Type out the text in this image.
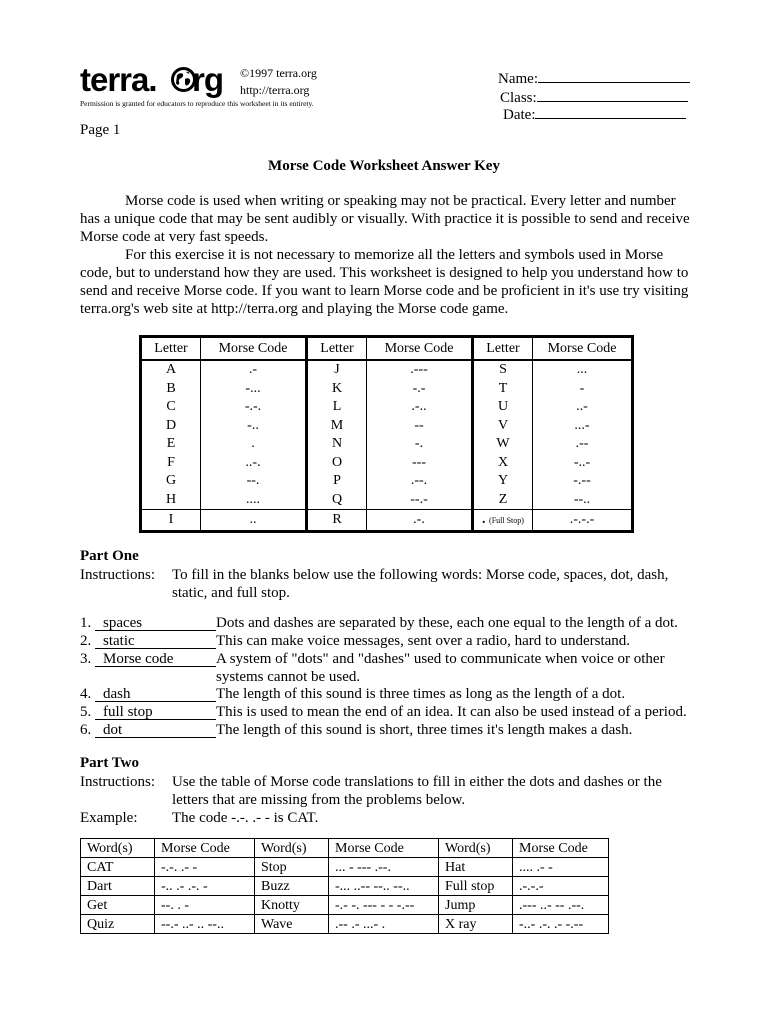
terra. rg ©1997 terra.org
http://terra.org
Permission is granted for educators to reproduce this worksheet in its entirety.
Name:
Class:
Date:
Page 1
Morse Code Worksheet Answer Key
Morse code is used when writing or speaking may not be practical. Every letter and number has a unique code that may be sent audibly or visually. With practice it is possible to send and receive Morse code at very fast speeds.
For this exercise it is not necessary to memorize all the letters and symbols used in Morse code, but to understand how they are used. This worksheet is designed to help you understand how to send and receive Morse code. If you want to learn Morse code and be proficient in it's use try visiting terra.org's web site at http://terra.org and playing the Morse code game.
Letter	Morse Code	Letter	Morse Code	Letter	Morse Code
A	.-	J	.---	S	...
B	-...	K	-.-	T	-
C	-.-.	L	.-..	U	..-
D	-..	M	--	V	...-
E	.	N	-.	W	.--
F	..-.	O	---	X	-..-
G	--.	P	.--.	Y	-.--
H	....	Q	--.-	Z	--..
I	..	R	.-.	. (Full Stop)	.-.-.-
Part One
Instructions: To fill in the blanks below use the following words: Morse code, spaces, dot, dash, static, and full stop.
1. spaces	Dots and dashes are separated by these, each one equal to the length of a dot.
2. static	This can make voice messages, sent over a radio, hard to understand.
3. Morse code	A system of "dots" and "dashes" used to communicate when voice or other systems cannot be used.
4. dash	The length of this sound is three times as long as the length of a dot.
5. full stop	This is used to mean the end of an idea. It can also be used instead of a period.
6. dot	The length of this sound is short, three times it's length makes a dash.
Part Two
Instructions: Use the table of Morse code translations to fill in either the dots and dashes or the letters that are missing from the problems below.
Example: The code -.-. .- - is CAT.
Word(s)	Morse Code	Word(s)	Morse Code	Word(s)	Morse Code
CAT	-.-. .- -	Stop	... - --- .--.	Hat	.... .- -
Dart	-.. .- .-. -	Buzz	-... ..-- --.. --..	Full stop	.-.-.-
Get	--. . -	Knotty	-.- -. --- - - -.--	Jump	.--- ..- -- .--.
Quiz	--.- ..- .. --..	Wave	.-- .- ...- .	X ray	-..- .-. .- -.--
